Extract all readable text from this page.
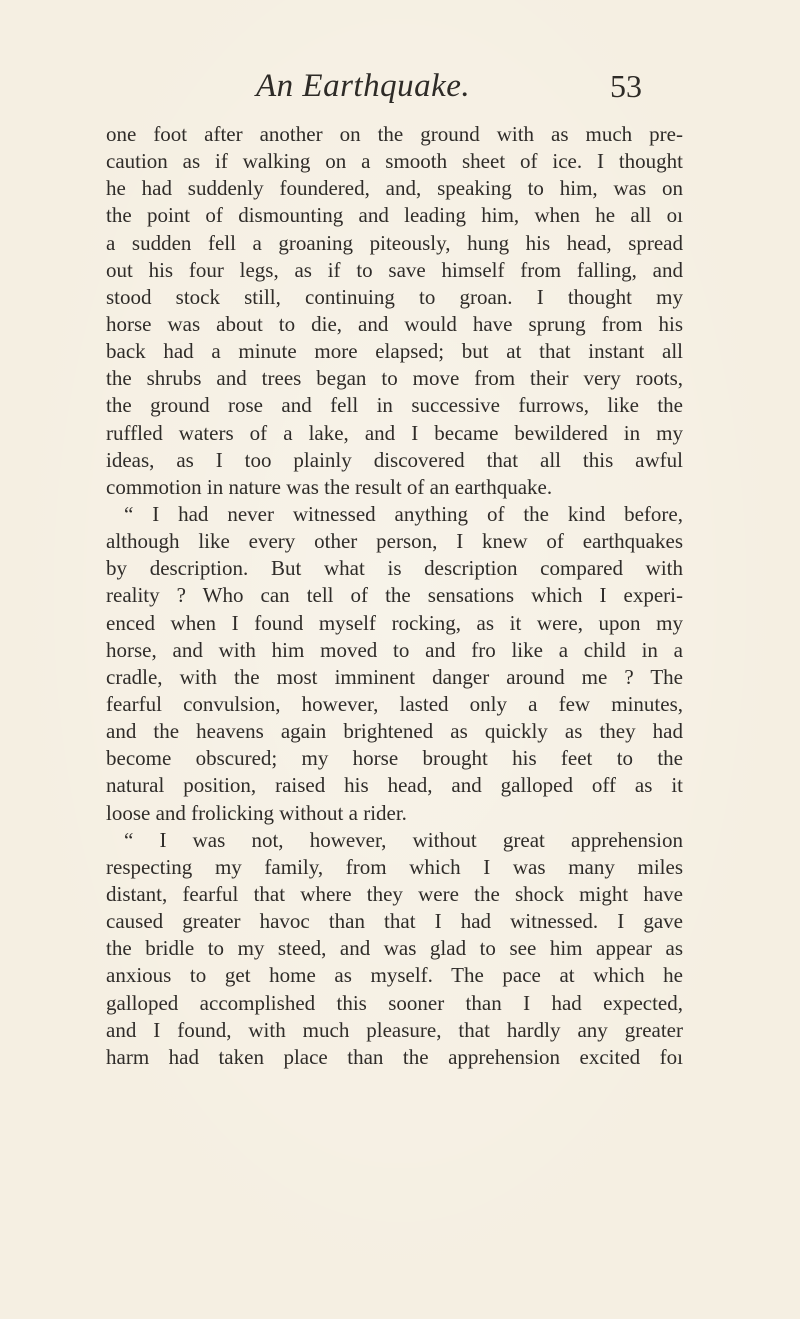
An Earthquake.	53
one foot after another on the ground with as much pre-
caution as if walking on a smooth sheet of ice. I thought
he had suddenly foundered, and, speaking to him, was on
the point of dismounting and leading him, when he all oı
a sudden fell a groaning piteously, hung his head, spread
out his four legs, as if to save himself from falling, and
stood stock still, continuing to groan. I thought my
horse was about to die, and would have sprung from his
back had a minute more elapsed; but at that instant all
the shrubs and trees began to move from their very roots,
the ground rose and fell in successive furrows, like the
ruffled waters of a lake, and I became bewildered in my
ideas, as I too plainly discovered that all this awful
commotion in nature was the result of an earthquake.
“ I had never witnessed anything of the kind before,
although like every other person, I knew of earthquakes
by description. But what is description compared with
reality ? Who can tell of the sensations which I experi-
enced when I found myself rocking, as it were, upon my
horse, and with him moved to and fro like a child in a
cradle, with the most imminent danger around me ? The
fearful convulsion, however, lasted only a few minutes,
and the heavens again brightened as quickly as they had
become obscured; my horse brought his feet to the
natural position, raised his head, and galloped off as it
loose and frolicking without a rider.
“ I was not, however, without great apprehension
respecting my family, from which I was many miles
distant, fearful that where they were the shock might have
caused greater havoc than that I had witnessed. I gave
the bridle to my steed, and was glad to see him appear as
anxious to get home as myself. The pace at which he
galloped accomplished this sooner than I had expected,
and I found, with much pleasure, that hardly any greater
harm had taken place than the apprehension excited foı
